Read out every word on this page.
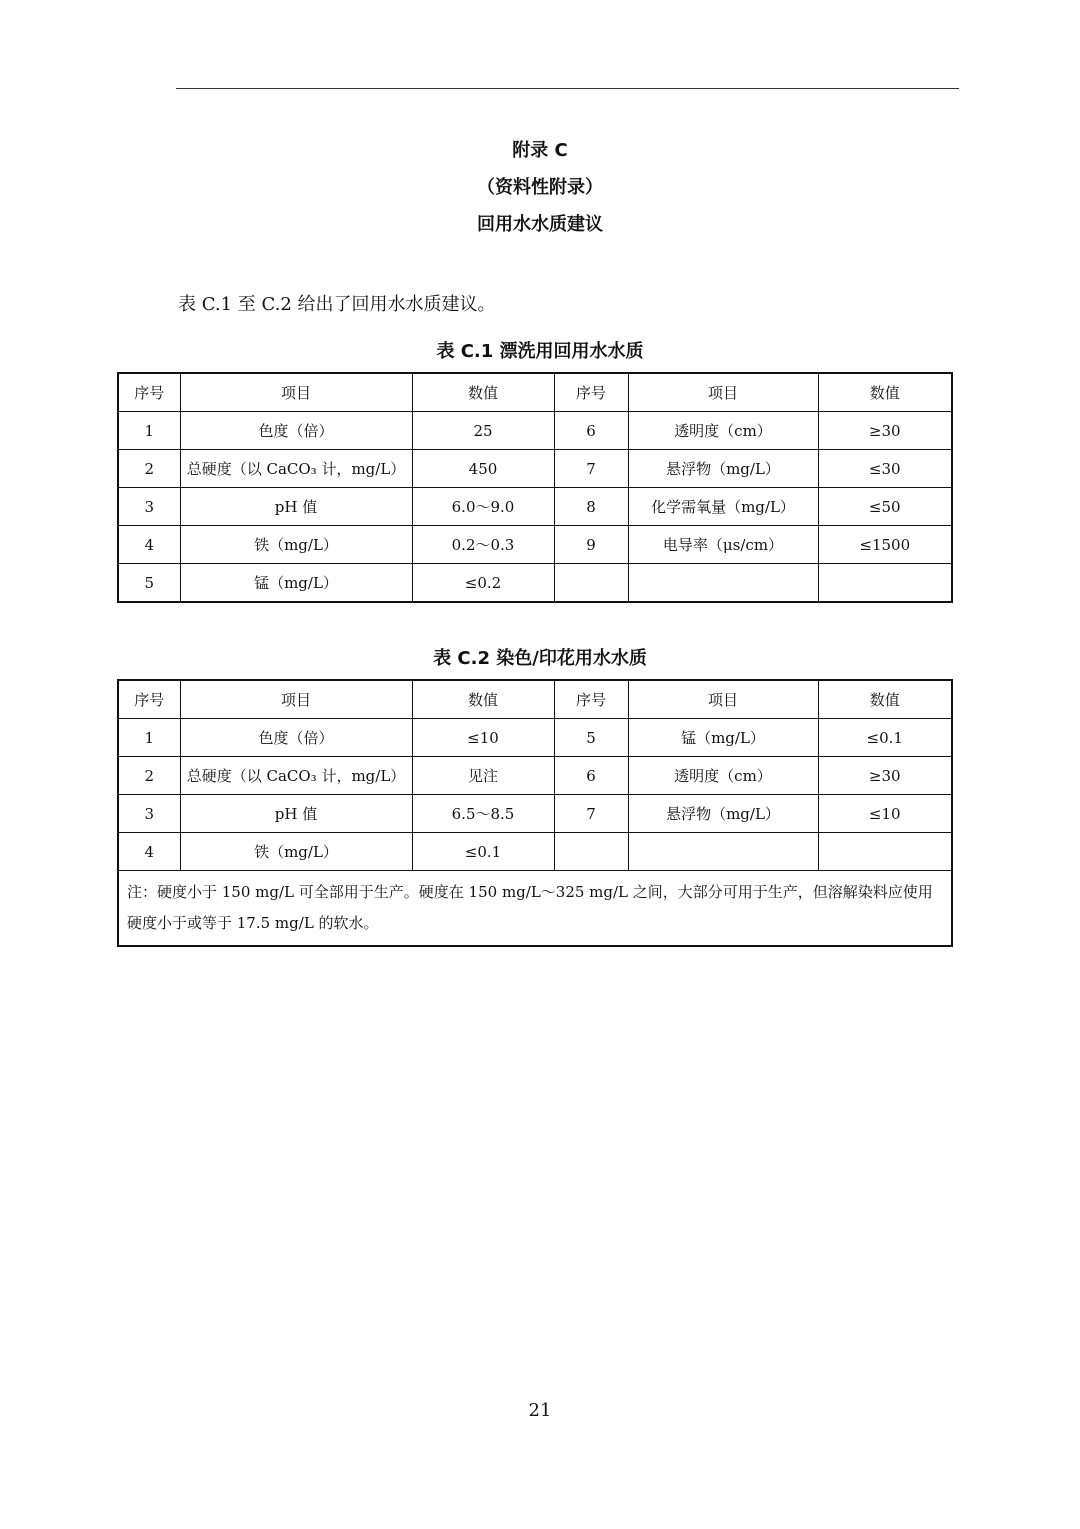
附录 C
（资料性附录）
回用水水质建议
表 C.1 至 C.2 给出了回用水水质建议。
表 C.1 漂洗用回用水水质
序号	项目	数值	序号	项目	数值
1	色度（倍）	25	6	透明度（cm）	≥30
2	总硬度（以 CaCO₃ 计，mg/L）	450	7	悬浮物（mg/L）	≤30
3	pH 值	6.0～9.0	8	化学需氧量（mg/L）	≤50
4	铁（mg/L）	0.2～0.3	9	电导率（μs/cm）	≤1500
5	锰（mg/L）	≤0.2			
表 C.2 染色/印花用水水质
序号	项目	数值	序号	项目	数值
1	色度（倍）	≤10	5	锰（mg/L）	≤0.1
2	总硬度（以 CaCO₃ 计，mg/L）	见注	6	透明度（cm）	≥30
3	pH 值	6.5～8.5	7	悬浮物（mg/L）	≤10
4	铁（mg/L）	≤0.1			
注：硬度小于 150 mg/L 可全部用于生产。硬度在 150 mg/L～325 mg/L 之间，大部分可用于生产，但溶解染料应使用硬度小于或等于 17.5 mg/L 的软水。					
21
